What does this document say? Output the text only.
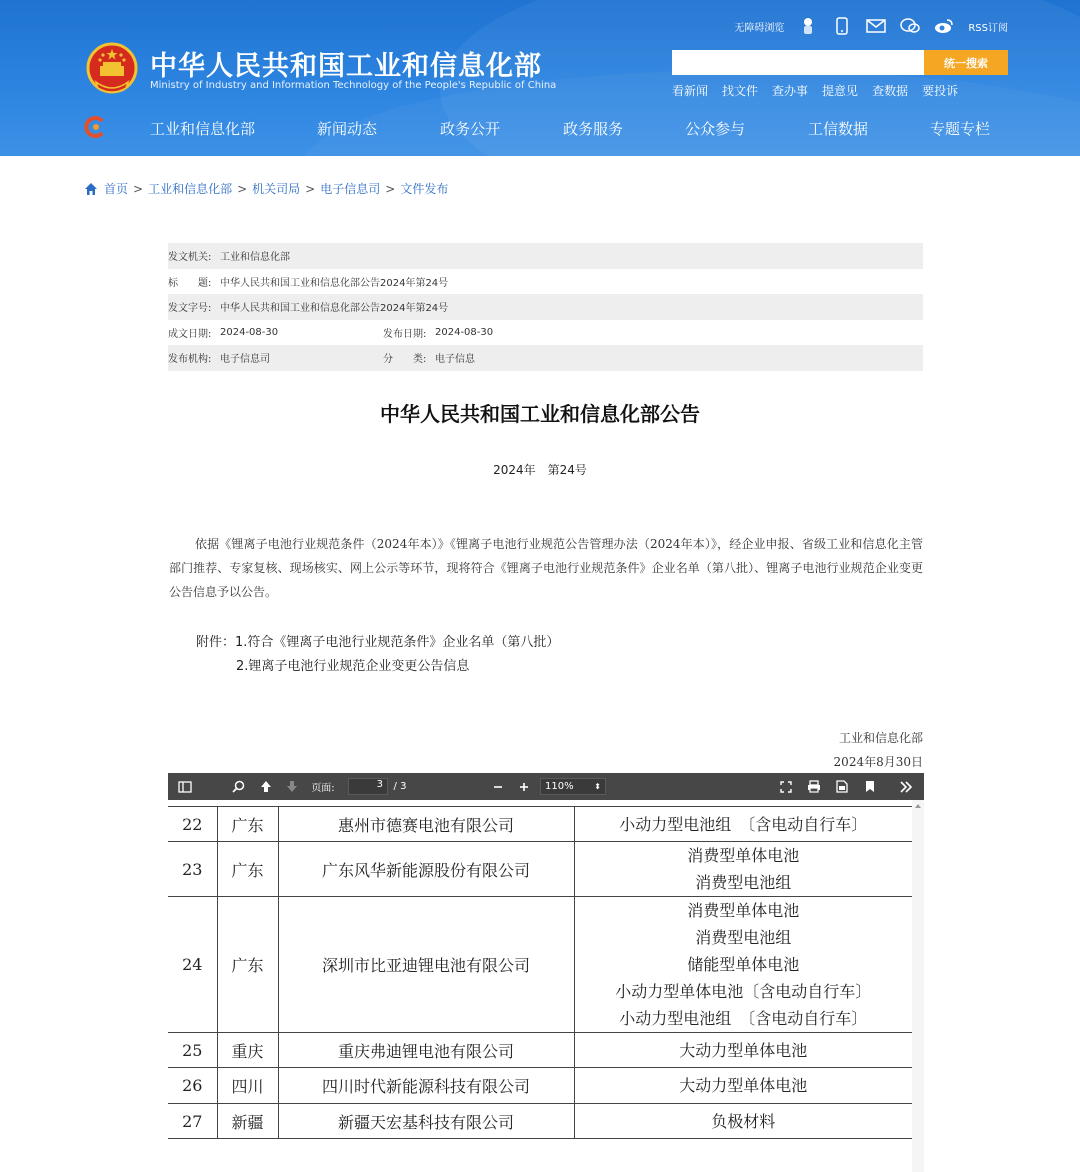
中华人民共和国工业和信息化部
Ministry of Industry and Information Technology of the People's Republic of China
无障碍浏览	RSS订阅
统一搜索
看新闻 找文件 查办事 提意见 查数据 要投诉
工业和信息化部	新闻动态	政务公开	政务服务	公众参与	工信数据	专题专栏
首页 > 工业和信息化部 > 机关司局 > 电子信息司 > 文件发布
发文机关: 工业和信息化部
标　　题: 中华人民共和国工业和信息化部公告2024年第24号
发文字号: 中华人民共和国工业和信息化部公告2024年第24号
成文日期: 2024-08-30	发布日期: 2024-08-30
发布机构: 电子信息司	分　　类: 电子信息
中华人民共和国工业和信息化部公告
2024年　第24号
依据《锂离子电池行业规范条件（2024年本）》《锂离子电池行业规范公告管理办法（2024年本）》，经企业申报、省级工业和信息化主管部门推荐、专家复核、现场核实、网上公示等环节，现将符合《锂离子电池行业规范条件》企业名单（第八批）、锂离子电池行业规范企业变更公告信息予以公告。
附件：1.符合《锂离子电池行业规范条件》企业名单（第八批）
2.锂离子电池行业规范企业变更公告信息
工业和信息化部
2024年8月30日
页面:	3	/ 3	110%	⬍
22	广东	惠州市德赛电池有限公司	小动力型电池组　〔含电动自行车〕

23	广东	广东风华新能源股份有限公司	消费型单体电池
消费型电池组

24	广东	深圳市比亚迪锂电池有限公司	消费型单体电池
消费型电池组
储能型单体电池
小动力型单体电池〔含电动自行车〕
小动力型电池组　〔含电动自行车〕

25	重庆	重庆弗迪锂电池有限公司	大动力型单体电池

26	四川	四川时代新能源科技有限公司	大动力型单体电池

27	新疆	新疆天宏基科技有限公司	负极材料
